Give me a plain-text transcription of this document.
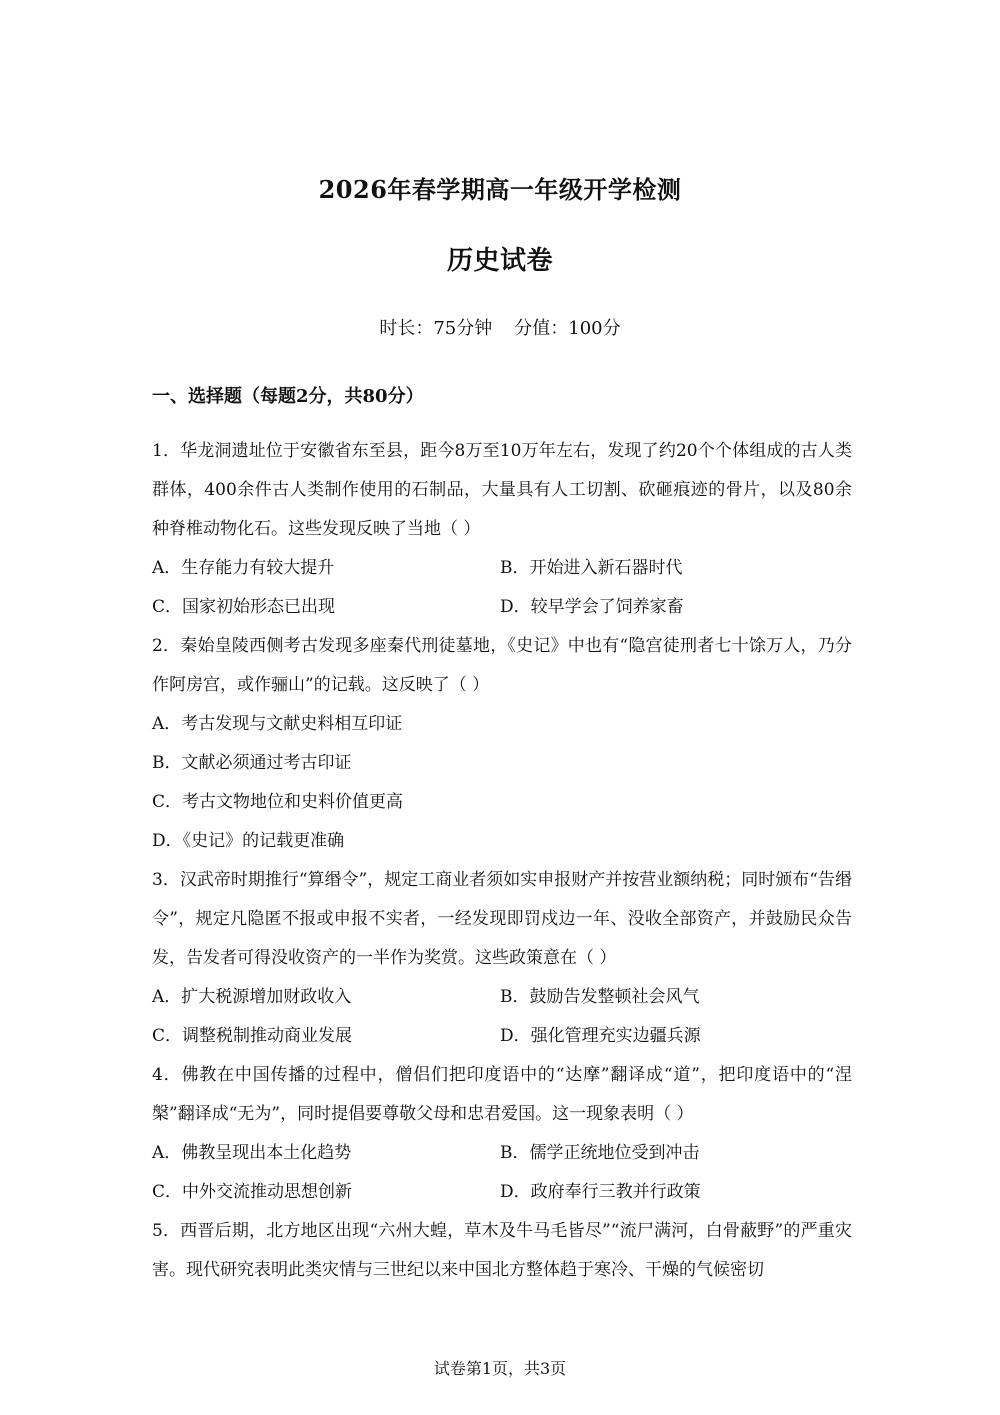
2026年春学期高一年级开学检测
历史试卷
时长：75分钟 分值：100分
一、选择题（每题2分，共80分）
1．华龙洞遗址位于安徽省东至县，距今8万至10万年左右，发现了约20个个体组成的古人类群体，400余件古人类制作使用的石制品，大量具有人工切割、砍砸痕迹的骨片，以及80余种脊椎动物化石。这些发现反映了当地（ ）
A．生存能力有较大提升	B．开始进入新石器时代
C．国家初始形态已出现	D．较早学会了饲养家畜
2．秦始皇陵西侧考古发现多座秦代刑徒墓地，《史记》中也有“隐宫徒刑者七十馀万人，乃分作阿房宫，或作骊山”的记载。这反映了（ ）
A．考古发现与文献史料相互印证
B．文献必须通过考古印证
C．考古文物地位和史料价值更高
D．《史记》的记载更准确
3．汉武帝时期推行“算缗令”，规定工商业者须如实申报财产并按营业额纳税；同时颁布“告缗令”，规定凡隐匿不报或申报不实者，一经发现即罚戍边一年、没收全部资产，并鼓励民众告发，告发者可得没收资产的一半作为奖赏。这些政策意在（ ）
A．扩大税源增加财政收入	B．鼓励告发整顿社会风气
C．调整税制推动商业发展	D．强化管理充实边疆兵源
4．佛教在中国传播的过程中，僧侣们把印度语中的“达摩”翻译成“道”，把印度语中的“涅槃”翻译成“无为”，同时提倡要尊敬父母和忠君爱国。这一现象表明（ ）
A．佛教呈现出本土化趋势	B．儒学正统地位受到冲击
C．中外交流推动思想创新	D．政府奉行三教并行政策
5．西晋后期，北方地区出现“六州大蝗，草木及牛马毛皆尽”“流尸满河，白骨蔽野”的严重灾害。现代研究表明此类灾情与三世纪以来中国北方整体趋于寒冷、干燥的气候密切
试卷第1页，共3页
